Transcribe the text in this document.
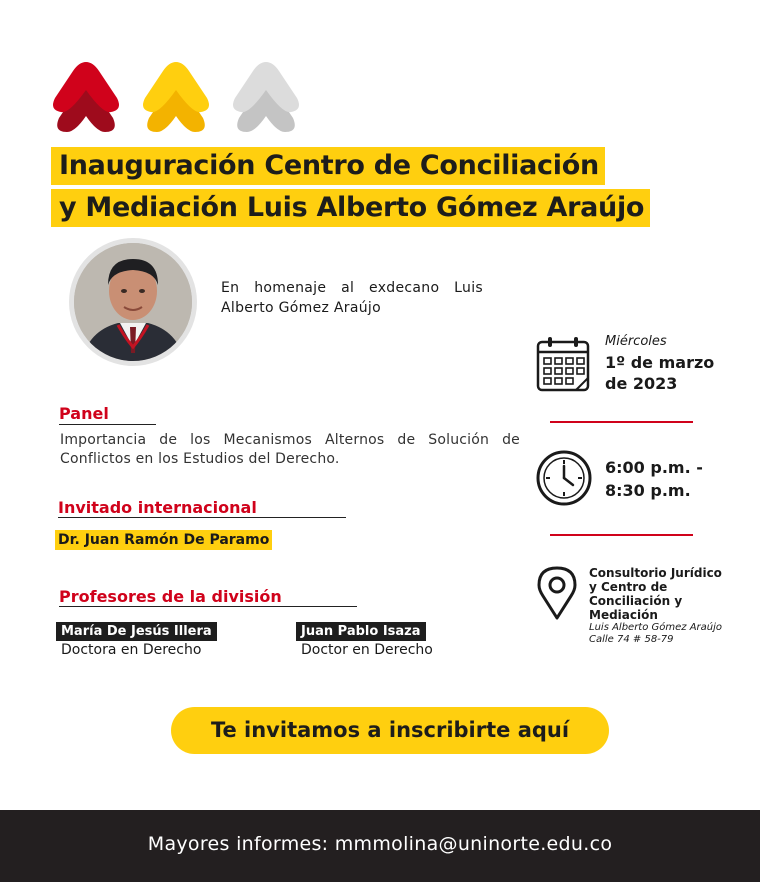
Inauguración Centro de Conciliación
y Mediación Luis Alberto Gómez Araújo
En homenaje al exdecano Luis Alberto Gómez Araújo
Panel
Importancia de los Mecanismos Alternos de Solución de Conflictos en los Estudios del Derecho.
Invitado internacional
Dr. Juan Ramón De Paramo
Profesores de la división
María De Jesús Illera
Doctora en Derecho
Juan Pablo Isaza
Doctor en Derecho
Miércoles
1º de marzo
de 2023
6:00 p.m. -
8:30 p.m.
Consultorio Jurídico
y Centro de
Conciliación y
Mediación
Luis Alberto Gómez Araújo
Calle 74 # 58-79
Te invitamos a inscribirte aquí
Mayores informes: mmmolina@uninorte.edu.co
